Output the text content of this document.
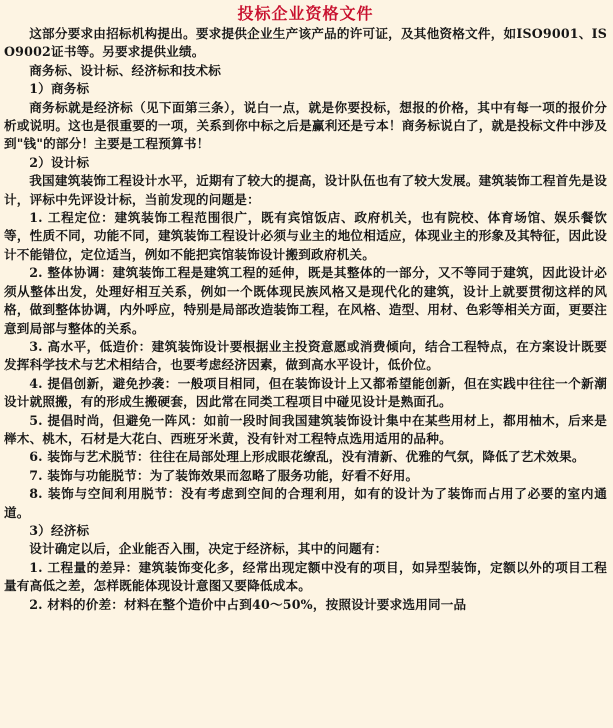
投标企业资格文件

这部分要求由招标机构提出。要求提供企业生产该产品的许可证，及其他资格文件，如ISO9001、ISO9002证书等。另要求提供业绩。

商务标、设计标、经济标和技术标

1）商务标

商务标就是经济标（见下面第三条），说白一点，就是你要投标，想报的价格，其中有每一项的报价分析或说明。这也是很重要的一项，关系到你中标之后是赢利还是亏本！商务标说白了，就是投标文件中涉及到"钱"的部分！主要是工程预算书！

2）设计标

我国建筑装饰工程设计水平，近期有了较大的提高，设计队伍也有了较大发展。建筑装饰工程首先是设计，评标中先评设计标，当前发现的问题是：

1. 工程定位：建筑装饰工程范围很广，既有宾馆饭店、政府机关，也有院校、体育场馆、娱乐餐饮等，性质不同，功能不同，建筑装饰工程设计必须与业主的地位相适应，体现业主的形象及其特征，因此设计不能错位，定位适当，例如不能把宾馆装饰设计搬到政府机关。

2. 整体协调：建筑装饰工程是建筑工程的延伸，既是其整体的一部分，又不等同于建筑，因此设计必须从整体出发，处理好相互关系，例如一个既体现民族风格又是现代化的建筑，设计上就要贯彻这样的风格，做到整体协调，内外呼应，特别是局部改造装饰工程，在风格、造型、用材、色彩等相关方面，更要注意到局部与整体的关系。

3. 高水平，低造价：建筑装饰设计要根据业主投资意愿或消费倾向，结合工程特点，在方案设计既要发挥科学技术与艺术相结合，也要考虑经济因素，做到高水平设计，低价位。

4. 提倡创新，避免抄袭：一般项目相同，但在装饰设计上又都希望能创新，但在实践中往往一个新潮设计就照搬，有的形成生搬硬套，因此常在同类工程项目中碰见设计是熟面孔。

5. 提倡时尚，但避免一阵风：如前一段时间我国建筑装饰设计集中在某些用材上，都用柚木，后来是榉木、桃木，石材是大花白、西班牙米黄，没有针对工程特点选用适用的品种。

6. 装饰与艺术脱节：往往在局部处理上形成眼花缭乱，没有清新、优雅的气氛，降低了艺术效果。

7. 装饰与功能脱节：为了装饰效果而忽略了服务功能，好看不好用。

8. 装饰与空间利用脱节：没有考虑到空间的合理利用，如有的设计为了装饰而占用了必要的室内通道。

3）经济标

设计确定以后，企业能否入围，决定于经济标，其中的问题有：

1. 工程量的差异：建筑装饰变化多，经常出现定额中没有的项目，如异型装饰，定额以外的项目工程量有高低之差，怎样既能体现设计意图又要降低成本。

2. 材料的价差：材料在整个造价中占到40～50%，按照设计要求选用同一品
